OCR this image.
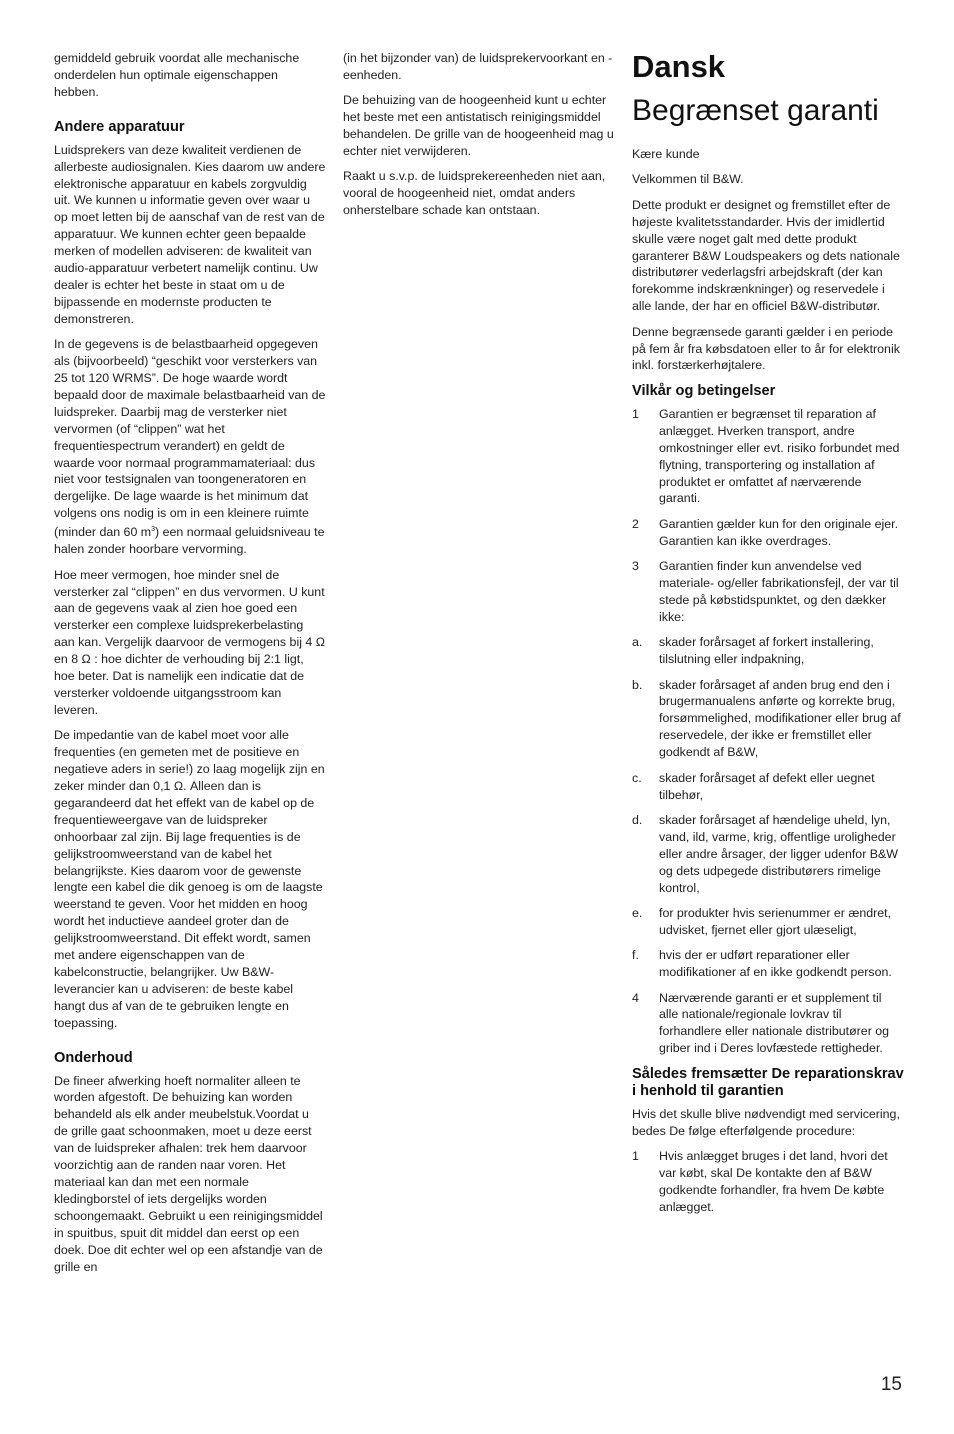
gemiddeld gebruik voordat alle mechanische onderdelen hun optimale eigenschappen hebben.

Andere apparatuur

Luidsprekers van deze kwaliteit verdienen de allerbeste audiosignalen. Kies daarom uw andere elektronische apparatuur en kabels zorgvuldig uit. We kunnen u informatie geven over waar u op moet letten bij de aanschaf van de rest van de apparatuur. We kunnen echter geen bepaalde merken of modellen adviseren: de kwaliteit van audio-apparatuur verbetert namelijk continu. Uw dealer is echter het beste in staat om u de bijpassende en modernste producten te demonstreren.

In de gegevens is de belastbaarheid opgegeven als (bijvoorbeeld) “geschikt voor versterkers van 25 tot 120 WRMS”. De hoge waarde wordt bepaald door de maximale belastbaarheid van de luidspreker. Daarbij mag de versterker niet vervormen (of “clippen” wat het frequentiespectrum verandert) en geldt de waarde voor normaal programmamateriaal: dus niet voor testsignalen van toongeneratoren en dergelijke. De lage waarde is het minimum dat volgens ons nodig is om in een kleinere ruimte (minder dan 60 $m^3$) een normaal geluidsniveau te halen zonder hoorbare vervorming.

Hoe meer vermogen, hoe minder snel de versterker zal “clippen” en dus vervormen. U kunt aan de gegevens vaak al zien hoe goed een versterker een complexe luidsprekerbelasting aan kan. Vergelijk daarvoor de vermogens bij 4 Ω en 8 Ω : hoe dichter de verhouding bij 2:1 ligt, hoe beter. Dat is namelijk een indicatie dat de versterker voldoende uitgangsstroom kan leveren.

De impedantie van de kabel moet voor alle frequenties (en gemeten met de positieve en negatieve aders in serie!) zo laag mogelijk zijn en zeker minder dan 0,1 Ω. Alleen dan is gegarandeerd dat het effekt van de kabel op de frequentieweergave van de luidspreker onhoorbaar zal zijn. Bij lage frequenties is de gelijkstroomweerstand van de kabel het belangrijkste. Kies daarom voor de gewenste lengte een kabel die dik genoeg is om de laagste weerstand te geven. Voor het midden en hoog wordt het inductieve aandeel groter dan de gelijkstroomweerstand. Dit effekt wordt, samen met andere eigenschappen van de kabelconstructie, belangrijker. Uw B&W-leverancier kan u adviseren: de beste kabel hangt dus af van de te gebruiken lengte en toepassing.

Onderhoud

De fineer afwerking hoeft normaliter alleen te worden afgestoft. De behuizing kan worden behandeld als elk ander meubelstuk.Voordat u de grille gaat schoonmaken, moet u deze eerst van de luidspreker afhalen: trek hem daarvoor voorzichtig aan de randen naar voren. Het materiaal kan dan met een normale kledingborstel of iets dergelijks worden schoongemaakt. Gebruikt u een reinigingsmiddel in spuitbus, spuit dit middel dan eerst op een doek. Doe dit echter wel op een afstandje van de grille en

(in het bijzonder van) de luidsprekervoorkant en -eenheden.

De behuizing van de hoogeenheid kunt u echter het beste met een antistatisch reinigingsmiddel behandelen. De grille van de hoogeenheid mag u echter niet verwijderen.

Raakt u s.v.p. de luidsprekereenheden niet aan, vooral de hoogeenheid niet, omdat anders onherstelbare schade kan ontstaan.

Dansk
Begrænset garanti

Kære kunde

Velkommen til B&W.

Dette produkt er designet og fremstillet efter de højeste kvalitetsstandarder. Hvis der imidlertid skulle være noget galt med dette produkt garanterer B&W Loudspeakers og dets nationale distributører vederlagsfri arbejdskraft (der kan forekomme indskrænkninger) og reservedele i alle lande, der har en officiel B&W-distributør.

Denne begrænsede garanti gælder i en periode på fem år fra købsdatoen eller to år for elektronik inkl. forstærkerhøjtalere.

Vilkår og betingelser
1	Garantien er begrænset til reparation af anlægget. Hverken transport, andre omkostninger eller evt. risiko forbundet med flytning, transportering og installation af produktet er omfattet af nærværende garanti.
2	Garantien gælder kun for den originale ejer. Garantien kan ikke overdrages.
3	Garantien finder kun anvendelse ved materiale- og/eller fabrikationsfejl, der var til stede på købstidspunktet, og den dækker ikke:
a.	skader forårsaget af forkert installering, tilslutning eller indpakning,
b.	skader forårsaget af anden brug end den i brugermanualens anførte og korrekte brug, forsømmelighed, modifikationer eller brug af reservedele, der ikke er fremstillet eller godkendt af B&W,
c.	skader forårsaget af defekt eller uegnet tilbehør,
d.	skader forårsaget af hændelige uheld, lyn, vand, ild, varme, krig, offentlige uroligheder eller andre årsager, der ligger udenfor B&W og dets udpegede distributørers rimelige kontrol,
e.	for produkter hvis serienummer er ændret, udvisket, fjernet eller gjort ulæseligt,
f.	hvis der er udført reparationer eller modifikationer af en ikke godkendt person.
4	Nærværende garanti er et supplement til alle nationale/regionale lovkrav til forhandlere eller nationale distributører og griber ind i Deres lovfæstede rettigheder.
Således fremsætter De reparationskrav i henhold til garantien

Hvis det skulle blive nødvendigt med servicering, bedes De følge efterfølgende procedure:

1	Hvis anlægget bruges i det land, hvori det var købt, skal De kontakte den af B&W godkendte forhandler, fra hvem De købte anlægget.
15
